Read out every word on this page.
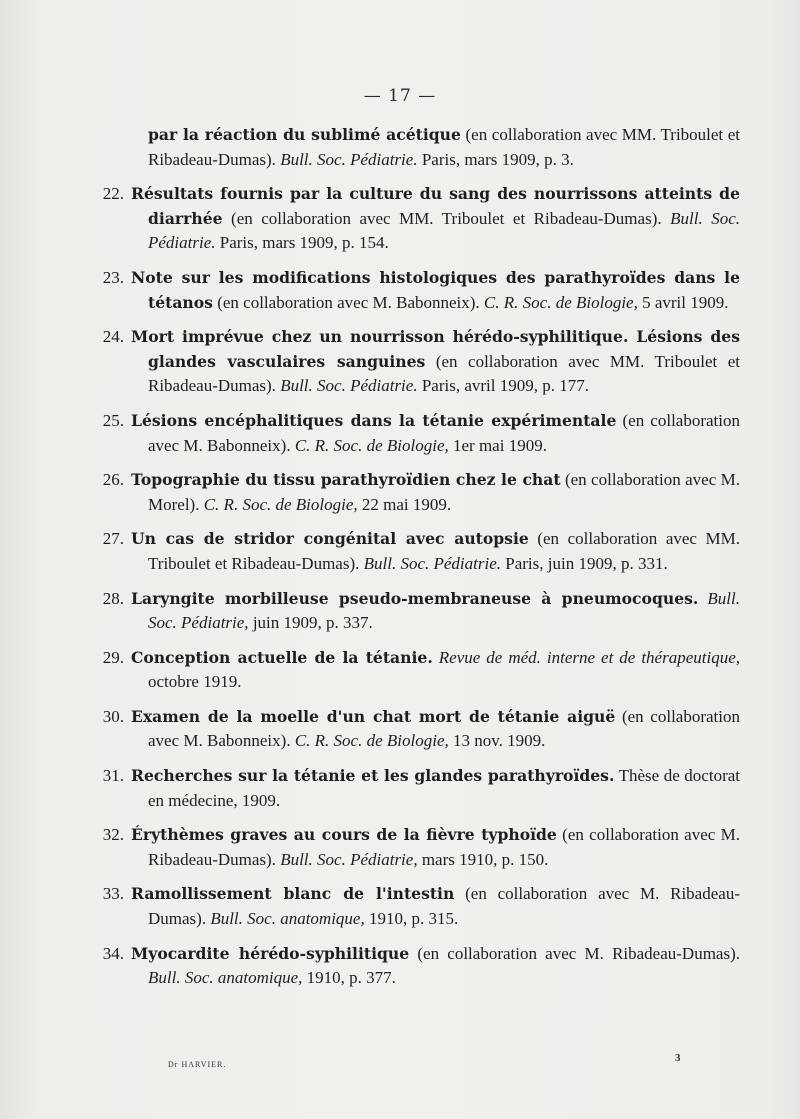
— 17 —
par la réaction du sublimé acétique (en collaboration avec MM. Triboulet et Ribadeau-Dumas). Bull. Soc. Pédiatrie. Paris, mars 1909, p. 3.
22. Résultats fournis par la culture du sang des nourrissons atteints de diarrhée (en collaboration avec MM. Triboulet et Ribadeau-Dumas). Bull. Soc. Pédiatrie. Paris, mars 1909, p. 154.
23. Note sur les modifications histologiques des parathyroïdes dans le tétanos (en collaboration avec M. Babonneix). C. R. Soc. de Biologie, 5 avril 1909.
24. Mort imprévue chez un nourrisson hérédo-syphilitique. Lésions des glandes vasculaires sanguines (en collaboration avec MM. Triboulet et Ribadeau-Dumas). Bull. Soc. Pédiatrie. Paris, avril 1909, p. 177.
25. Lésions encéphalitiques dans la tétanie expérimentale (en collaboration avec M. Babonneix). C. R. Soc. de Biologie, 1er mai 1909.
26. Topographie du tissu parathyroïdien chez le chat (en collaboration avec M. Morel). C. R. Soc. de Biologie, 22 mai 1909.
27. Un cas de stridor congénital avec autopsie (en collaboration avec MM. Triboulet et Ribadeau-Dumas). Bull. Soc. Pédiatrie. Paris, juin 1909, p. 331.
28. Laryngite morbilleuse pseudo-membraneuse à pneumocoques. Bull. Soc. Pédiatrie, juin 1909, p. 337.
29. Conception actuelle de la tétanie. Revue de méd. interne et de thérapeutique, octobre 1919.
30. Examen de la moelle d'un chat mort de tétanie aiguë (en collaboration avec M. Babonneix). C. R. Soc. de Biologie, 13 nov. 1909.
31. Recherches sur la tétanie et les glandes parathyroïdes. Thèse de doctorat en médecine, 1909.
32. Érythèmes graves au cours de la fièvre typhoïde (en collaboration avec M. Ribadeau-Dumas). Bull. Soc. Pédiatrie, mars 1910, p. 150.
33. Ramollissement blanc de l'intestin (en collaboration avec M. Ribadeau-Dumas). Bull. Soc. anatomique, 1910, p. 315.
34. Myocardite hérédo-syphilitique (en collaboration avec M. Ribadeau-Dumas). Bull. Soc. anatomique, 1910, p. 377.
Dr HARVIER.
3
